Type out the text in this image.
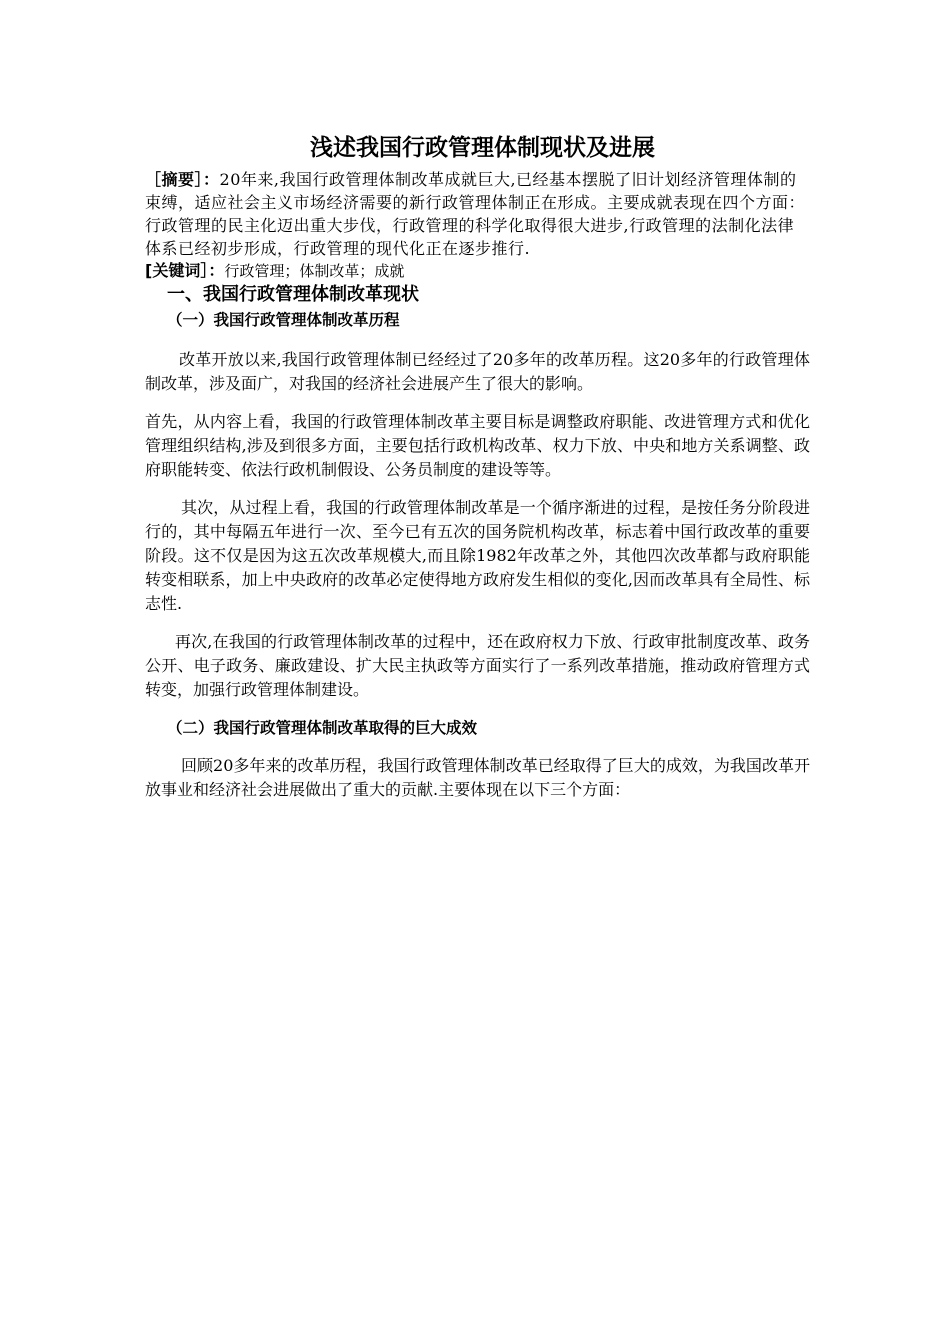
浅述我国行政管理体制现状及进展

［摘要］：20年来,我国行政管理体制改革成就巨大,已经基本摆脱了旧计划经济管理体制的束缚，适应社会主义市场经济需要的新行政管理体制正在形成。主要成就表现在四个方面：行政管理的民主化迈出重大步伐，行政管理的科学化取得很大进步,行政管理的法制化法律体系已经初步形成，行政管理的现代化正在逐步推行.

[关键词］：行政管理；体制改革；成就

一、我国行政管理体制改革现状
（一）我国行政管理体制改革历程

改革开放以来,我国行政管理体制已经经过了20多年的改革历程。这20多年的行政管理体制改革，涉及面广，对我国的经济社会进展产生了很大的影响。

首先，从内容上看，我国的行政管理体制改革主要目标是调整政府职能、改进管理方式和优化管理组织结构,涉及到很多方面，主要包括行政机构改革、权力下放、中央和地方关系调整、政府职能转变、依法行政机制假设、公务员制度的建设等等。

其次，从过程上看，我国的行政管理体制改革是一个循序渐进的过程，是按任务分阶段进行的，其中每隔五年进行一次、至今已有五次的国务院机构改革，标志着中国行政改革的重要阶段。这不仅是因为这五次改革规模大,而且除1982年改革之外，其他四次改革都与政府职能转变相联系，加上中央政府的改革必定使得地方政府发生相似的变化,因而改革具有全局性、标志性.

再次,在我国的行政管理体制改革的过程中，还在政府权力下放、行政审批制度改革、政务公开、电子政务、廉政建设、扩大民主执政等方面实行了一系列改革措施，推动政府管理方式转变，加强行政管理体制建设。

（二）我国行政管理体制改革取得的巨大成效

回顾20多年来的改革历程，我国行政管理体制改革已经取得了巨大的成效，为我国改革开放事业和经济社会进展做出了重大的贡献.主要体现在以下三个方面：
